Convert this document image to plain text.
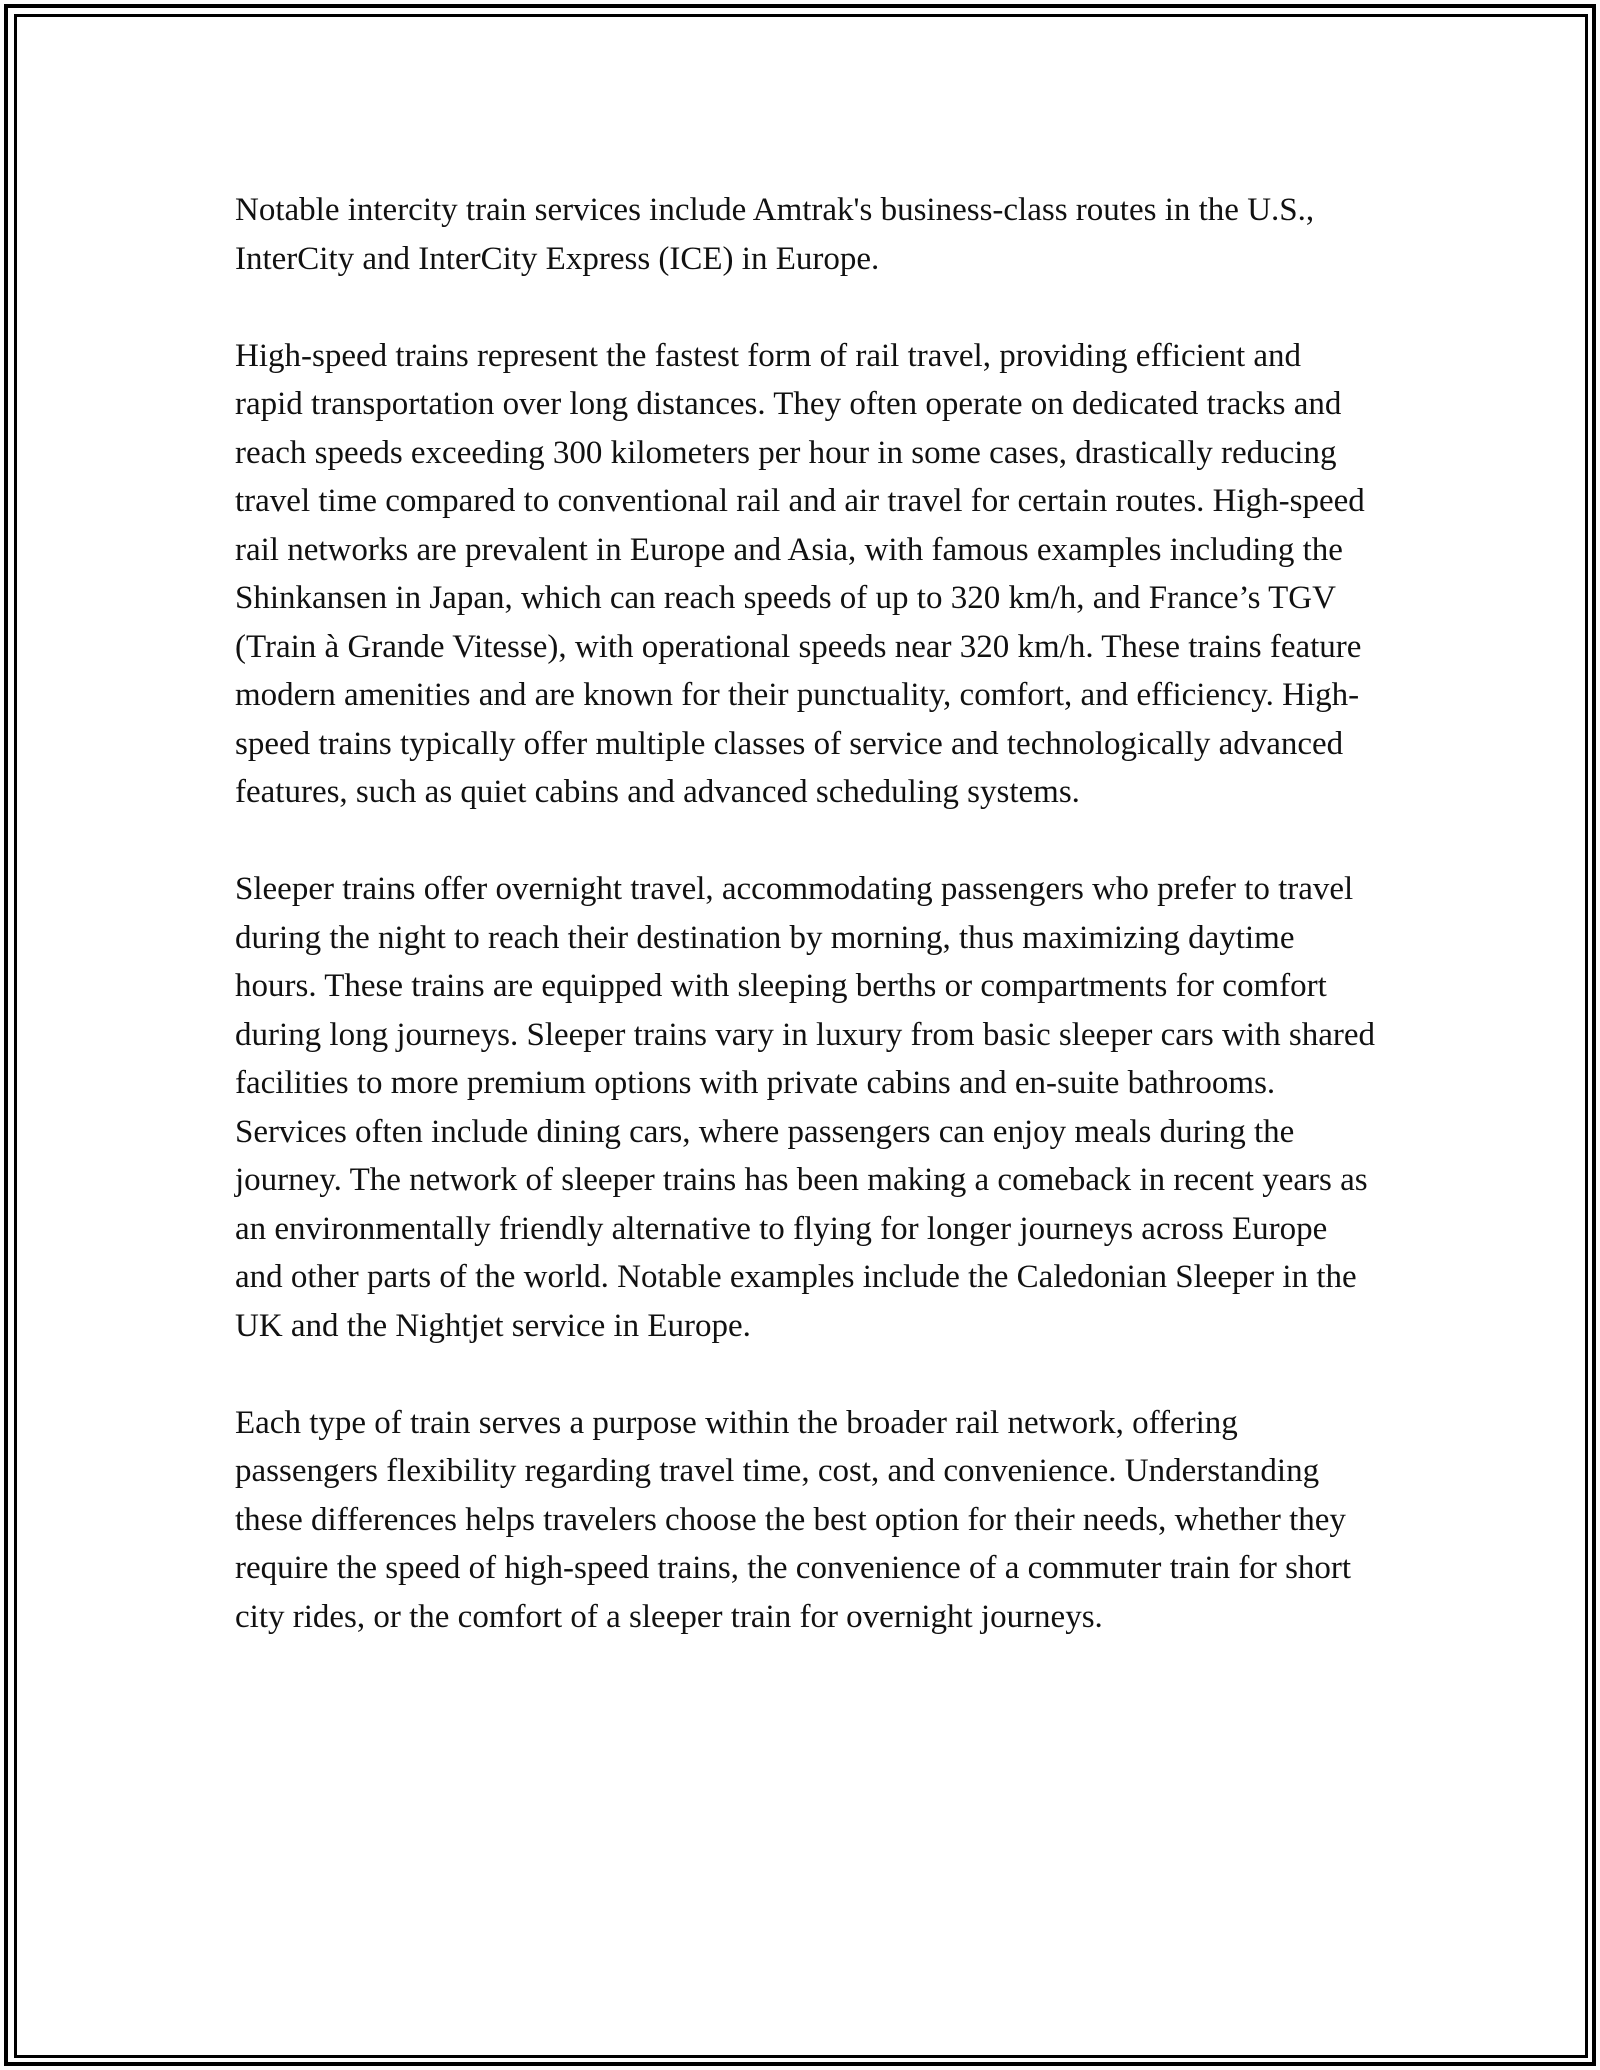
Notable intercity train services include Amtrak's business-class routes in the U.S., InterCity and InterCity Express (ICE) in Europe.

High-speed trains represent the fastest form of rail travel, providing efficient and rapid transportation over long distances. They often operate on dedicated tracks and reach speeds exceeding 300 kilometers per hour in some cases, drastically reducing travel time compared to conventional rail and air travel for certain routes. High-speed rail networks are prevalent in Europe and Asia, with famous examples including the Shinkansen in Japan, which can reach speeds of up to 320 km/h, and France’s TGV (Train à Grande Vitesse), with operational speeds near 320 km/h. These trains feature modern amenities and are known for their punctuality, comfort, and efficiency. High-speed trains typically offer multiple classes of service and technologically advanced features, such as quiet cabins and advanced scheduling systems.

Sleeper trains offer overnight travel, accommodating passengers who prefer to travel during the night to reach their destination by morning, thus maximizing daytime hours. These trains are equipped with sleeping berths or compartments for comfort during long journeys. Sleeper trains vary in luxury from basic sleeper cars with shared facilities to more premium options with private cabins and en-suite bathrooms. Services often include dining cars, where passengers can enjoy meals during the journey. The network of sleeper trains has been making a comeback in recent years as an environmentally friendly alternative to flying for longer journeys across Europe and other parts of the world. Notable examples include the Caledonian Sleeper in the UK and the Nightjet service in Europe.

Each type of train serves a purpose within the broader rail network, offering passengers flexibility regarding travel time, cost, and convenience. Understanding these differences helps travelers choose the best option for their needs, whether they require the speed of high-speed trains, the convenience of a commuter train for short city rides, or the comfort of a sleeper train for overnight journeys.
